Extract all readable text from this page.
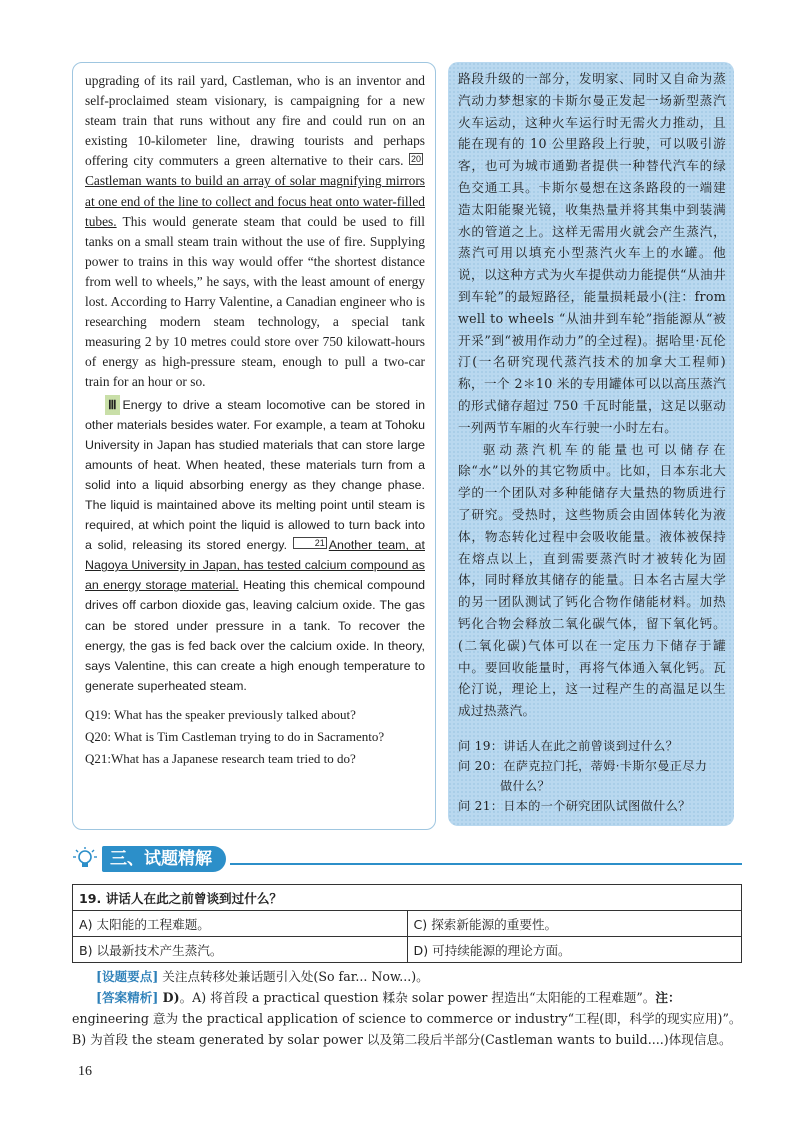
upgrading of its rail yard, Castleman, who is an inventor and self-proclaimed steam visionary, is campaigning for a new steam train that runs without any fire and could run on an existing 10-kilometer line, drawing tourists and perhaps offering city commuters a green alternative to their cars. 20Castleman wants to build an array of solar magnifying mirrors at one end of the line to collect and focus heat onto water-filled tubes. This would generate steam that could be used to fill tanks on a small steam train without the use of fire. Supplying power to trains in this way would offer “the shortest distance from well to wheels,” he says, with the least amount of energy lost. According to Harry Valentine, a Canadian engineer who is researching modern steam technology, a special tank measuring 2 by 10 metres could store over 750 kilowatt-hours of energy as high-pressure steam, enough to pull a two-car train for an hour or so.

Ⅲ Energy to drive a steam locomotive can be stored in other materials besides water. For example, a team at Tohoku University in Japan has studied materials that can store large amounts of heat. When heated, these materials turn from a solid into a liquid absorbing energy as they change phase. The liquid is maintained above its melting point until steam is required, at which point the liquid is allowed to turn back into a solid, releasing its stored energy.	21 Another team, at Nagoya University in Japan, has tested calcium compound as an energy storage material. Heating this chemical compound drives off carbon dioxide gas, leaving calcium oxide. The gas can be stored under pressure in a tank. To recover the energy, the gas is fed back over the calcium oxide. In theory, says Valentine, this can create a high enough temperature to generate superheated steam.

Q19: What has the speaker previously talked about?
Q20: What is Tim Castleman trying to do in Sacramento?
Q21:What has a Japanese research team tried to do?

路段升级的一部分，发明家、同时又自命为蒸汽动力梦想家的卡斯尔曼正发起一场新型蒸汽火车运动，这种火车运行时无需火力推动，且能在现有的 10 公里路段上行驶，可以吸引游客，也可为城市通勤者提供一种替代汽车的绿色交通工具。卡斯尔曼想在这条路段的一端建造太阳能聚光镜，收集热量并将其集中到装满水的管道之上。这样无需用火就会产生蒸汽，蒸汽可用以填充小型蒸汽火车上的水罐。他说，以这种方式为火车提供动力能提供“从油井到车轮”的最短路径，能量损耗最小(注：from well to wheels “从油井到车轮”指能源从“被开采”到“被用作动力”的全过程)。据哈里·瓦伦汀(一名研究现代蒸汽技术的加拿大工程师)称，一个 2＊10 米的专用罐体可以以高压蒸汽的形式储存超过 750 千瓦时能量，这足以驱动一列两节车厢的火车行驶一小时左右。

驱动蒸汽机车的能量也可以储存在除“水”以外的其它物质中。比如，日本东北大学的一个团队对多种能储存大量热的物质进行了研究。受热时，这些物质会由固体转化为液体，物态转化过程中会吸收能量。液体被保持在熔点以上，直到需要蒸汽时才被转化为固体，同时释放其储存的能量。日本名古屋大学的另一团队测试了钙化合物作储能材料。加热钙化合物会释放二氧化碳气体，留下氧化钙。(二氧化碳)气体可以在一定压力下储存于罐中。要回收能量时，再将气体通入氧化钙。瓦伦汀说，理论上，这一过程产生的高温足以生成过热蒸汽。

问 19：讲话人在此之前曾谈到过什么？
问 20：在萨克拉门托，蒂姆·卡斯尔曼正尽力
做什么？
问 21：日本的一个研究团队试图做什么？
三、试题精解
19. 讲话人在此之前曾谈到过什么？	
A) 太阳能的工程难题。	C) 探索新能源的重要性。
B) 以最新技术产生蒸汽。	D) 可持续能源的理论方面。
[设题要点] 关注点转移处兼话题引入处(So far... Now...)。
[答案精析] D)。A) 将首段 a practical question 糅杂 solar power 捏造出“太阳能的工程难题”。注：
engineering 意为 the practical application of science to commerce or industry“工程(即，科学的现实应用)”。B) 为首段 the steam generated by solar power 以及第二段后半部分(Castleman wants to build....)体现信息。
16
